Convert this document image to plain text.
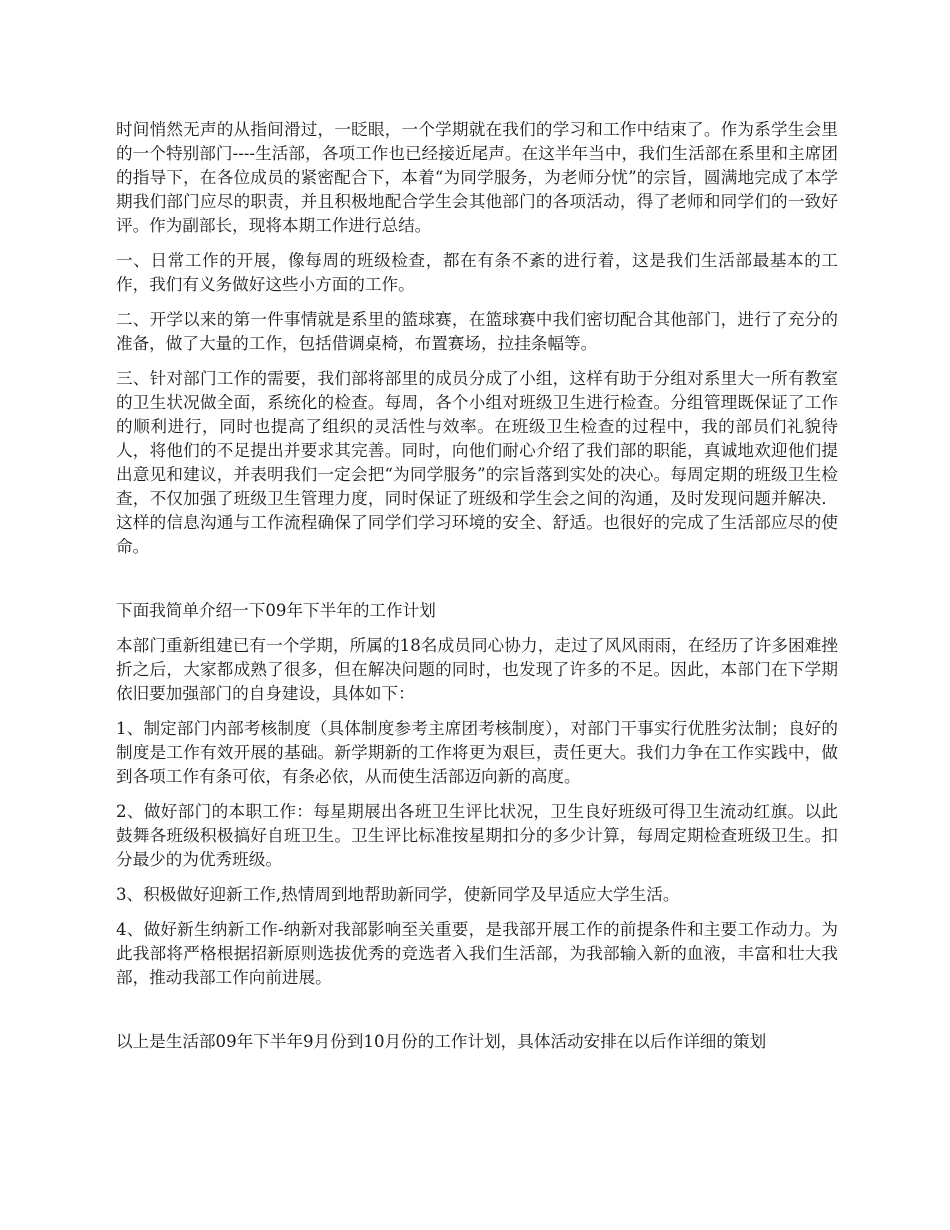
时间悄然无声的从指间滑过，一眨眼，一个学期就在我们的学习和工作中结束了。作为系学生会里的一个特别部门----生活部，各项工作也已经接近尾声。在这半年当中，我们生活部在系里和主席团的指导下，在各位成员的紧密配合下，本着“为同学服务，为老师分忧”的宗旨，圆满地完成了本学期我们部门应尽的职责，并且积极地配合学生会其他部门的各项活动，得了老师和同学们的一致好评。作为副部长，现将本期工作进行总结。

一、日常工作的开展，像每周的班级检查，都在有条不紊的进行着，这是我们生活部最基本的工作，我们有义务做好这些小方面的工作。

二、开学以来的第一件事情就是系里的篮球赛，在篮球赛中我们密切配合其他部门，进行了充分的准备，做了大量的工作，包括借调桌椅，布置赛场，拉挂条幅等。

三、针对部门工作的需要，我们部将部里的成员分成了小组，这样有助于分组对系里大一所有教室的卫生状况做全面，系统化的检查。每周，各个小组对班级卫生进行检查。分组管理既保证了工作的顺利进行，同时也提高了组织的灵活性与效率。在班级卫生检查的过程中，我的部员们礼貌待人，将他们的不足提出并要求其完善。同时，向他们耐心介绍了我们部的职能，真诚地欢迎他们提出意见和建议，并表明我们一定会把“为同学服务”的宗旨落到实处的决心。每周定期的班级卫生检查，不仅加强了班级卫生管理力度，同时保证了班级和学生会之间的沟通，及时发现问题并解决．这样的信息沟通与工作流程确保了同学们学习环境的安全、舒适。也很好的完成了生活部应尽的使命。

下面我简单介绍一下09年下半年的工作计划

本部门重新组建已有一个学期，所属的18名成员同心协力，走过了风风雨雨，在经历了许多困难挫折之后，大家都成熟了很多，但在解决问题的同时，也发现了许多的不足。因此，本部门在下学期依旧要加强部门的自身建设，具体如下：

1、制定部门内部考核制度（具体制度参考主席团考核制度），对部门干事实行优胜劣汰制；良好的制度是工作有效开展的基础。新学期新的工作将更为艰巨，责任更大。我们力争在工作实践中，做到各项工作有条可依，有条必依，从而使生活部迈向新的高度。

2、做好部门的本职工作：每星期展出各班卫生评比状况，卫生良好班级可得卫生流动红旗。以此鼓舞各班级积极搞好自班卫生。卫生评比标准按星期扣分的多少计算，每周定期检查班级卫生。扣分最少的为优秀班级。

3、积极做好迎新工作,热情周到地帮助新同学，使新同学及早适应大学生活。

4、做好新生纳新工作-纳新对我部影响至关重要，是我部开展工作的前提条件和主要工作动力。为此我部将严格根据招新原则选拔优秀的竞选者入我们生活部，为我部输入新的血液，丰富和壮大我部，推动我部工作向前进展。

以上是生活部09年下半年9月份到10月份的工作计划，具体活动安排在以后作详细的策划
